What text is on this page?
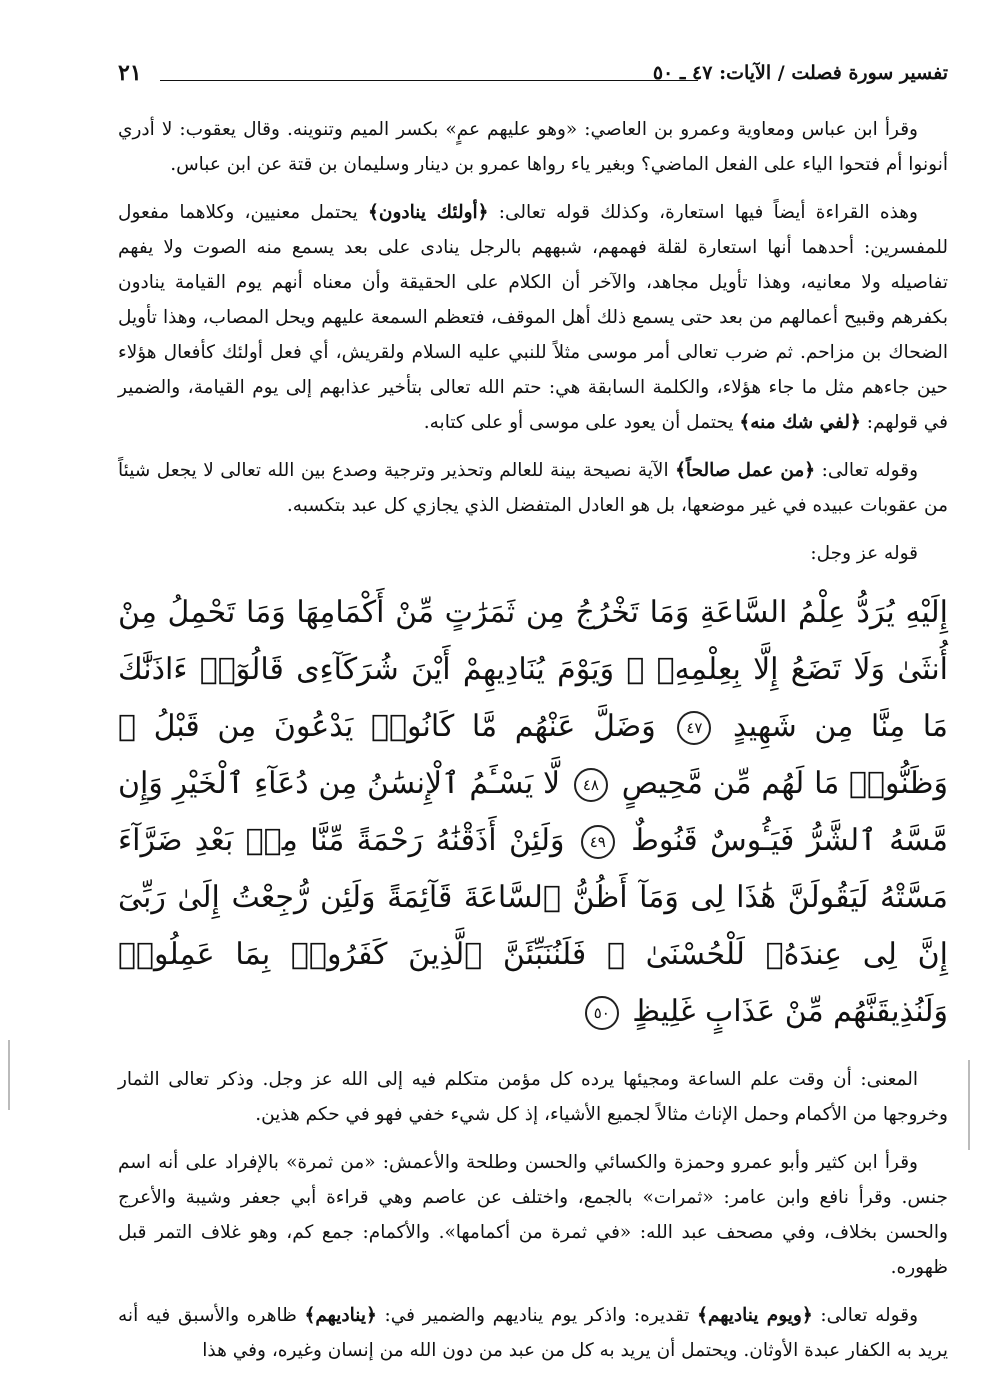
تفسير سورة فصلت / الآيات: ٤٧ ـ ٥٠
٢١

وقرأ ابن عباس ومعاوية وعمرو بن العاصي: «وهو عليهم عمٍ» بكسر الميم وتنوينه. وقال يعقوب: لا أدري أنونوا أم فتحوا الياء على الفعل الماضي؟ وبغير ياء رواها عمرو بن دينار وسليمان بن قتة عن ابن عباس.

وهذه القراءة أيضاً فيها استعارة، وكذلك قوله تعالى: ﴿أولئك ينادون﴾ يحتمل معنيين، وكلاهما مفعول للمفسرين: أحدهما أنها استعارة لقلة فهمهم، شبههم بالرجل ينادى على بعد يسمع منه الصوت ولا يفهم تفاصيله ولا معانيه، وهذا تأويل مجاهد، والآخر أن الكلام على الحقيقة وأن معناه أنهم يوم القيامة ينادون بكفرهم وقبيح أعمالهم من بعد حتى يسمع ذلك أهل الموقف، فتعظم السمعة عليهم ويحل المصاب، وهذا تأويل الضحاك بن مزاحم. ثم ضرب تعالى أمر موسى مثلاً للنبي عليه السلام ولقريش، أي فعل أولئك كأفعال هؤلاء حين جاءهم مثل ما جاء هؤلاء، والكلمة السابقة هي: حتم الله تعالى بتأخير عذابهم إلى يوم القيامة، والضمير في قولهم: ﴿لفي شك منه﴾ يحتمل أن يعود على موسى أو على كتابه.

وقوله تعالى: ﴿من عمل صالحاً﴾ الآية نصيحة بينة للعالم وتحذير وترجية وصدع بين الله تعالى لا يجعل شيئاً من عقوبات عبيده في غير موضعها، بل هو العادل المتفضل الذي يجازي كل عبد بتكسبه.

قوله عز وجل:

إِلَيْهِ يُرَدُّ عِلْمُ السَّاعَةِ وَمَا تَخْرُجُ مِن ثَمَرَٰتٍ مِّنْ أَكْمَامِهَا وَمَا تَحْمِلُ مِنْ أُنثَىٰ وَلَا تَضَعُ إِلَّا بِعِلْمِهِۦ ۚ وَيَوْمَ يُنَادِيهِمْ أَيْنَ شُرَكَآءِى قَالُوٓا۟ ءَاذَنَّٰكَ مَا مِنَّا مِن شَهِيدٍ ٤٧ وَضَلَّ عَنْهُم مَّا كَانُوا۟ يَدْعُونَ مِن قَبْلُ ۖ وَظَنُّوا۟ مَا لَهُم مِّن مَّحِيصٍ ٤٨ لَّا يَسْـَٔمُ ٱلْإِنسَٰنُ مِن دُعَآءِ ٱلْخَيْرِ وَإِن مَّسَّهُ ٱلشَّرُّ فَيَـُٔوسٌ قَنُوطٌ ٤٩ وَلَئِنْ أَذَقْنَٰهُ رَحْمَةً مِّنَّا مِنۢ بَعْدِ ضَرَّآءَ مَسَّتْهُ لَيَقُولَنَّ هَٰذَا لِى وَمَآ أَظُنُّ ٱلسَّاعَةَ قَآئِمَةً وَلَئِن رُّجِعْتُ إِلَىٰ رَبِّىٓ إِنَّ لِى عِندَهُۥ لَلْحُسْنَىٰ ۚ فَلَنُنَبِّئَنَّ ٱلَّذِينَ كَفَرُوا۟ بِمَا عَمِلُوا۟ وَلَنُذِيقَنَّهُم مِّنْ عَذَابٍ غَلِيظٍ ٥٠

المعنى: أن وقت علم الساعة ومجيئها يرده كل مؤمن متكلم فيه إلى الله عز وجل. وذكر تعالى الثمار وخروجها من الأكمام وحمل الإناث مثالاً لجميع الأشياء، إذ كل شيء خفي فهو في حكم هذين.

وقرأ ابن كثير وأبو عمرو وحمزة والكسائي والحسن وطلحة والأعمش: «من ثمرة» بالإفراد على أنه اسم جنس. وقرأ نافع وابن عامر: «ثمرات» بالجمع، واختلف عن عاصم وهي قراءة أبي جعفر وشيبة والأعرج والحسن بخلاف، وفي مصحف عبد الله: «في ثمرة من أكمامها». والأكمام: جمع كم، وهو غلاف التمر قبل ظهوره.

وقوله تعالى: ﴿ويوم يناديهم﴾ تقديره: واذكر يوم يناديهم والضمير في: ﴿يناديهم﴾ ظاهره والأسبق فيه أنه يريد به الكفار عبدة الأوثان. ويحتمل أن يريد به كل من عبد من دون الله من إنسان وغيره، وفي هذا
